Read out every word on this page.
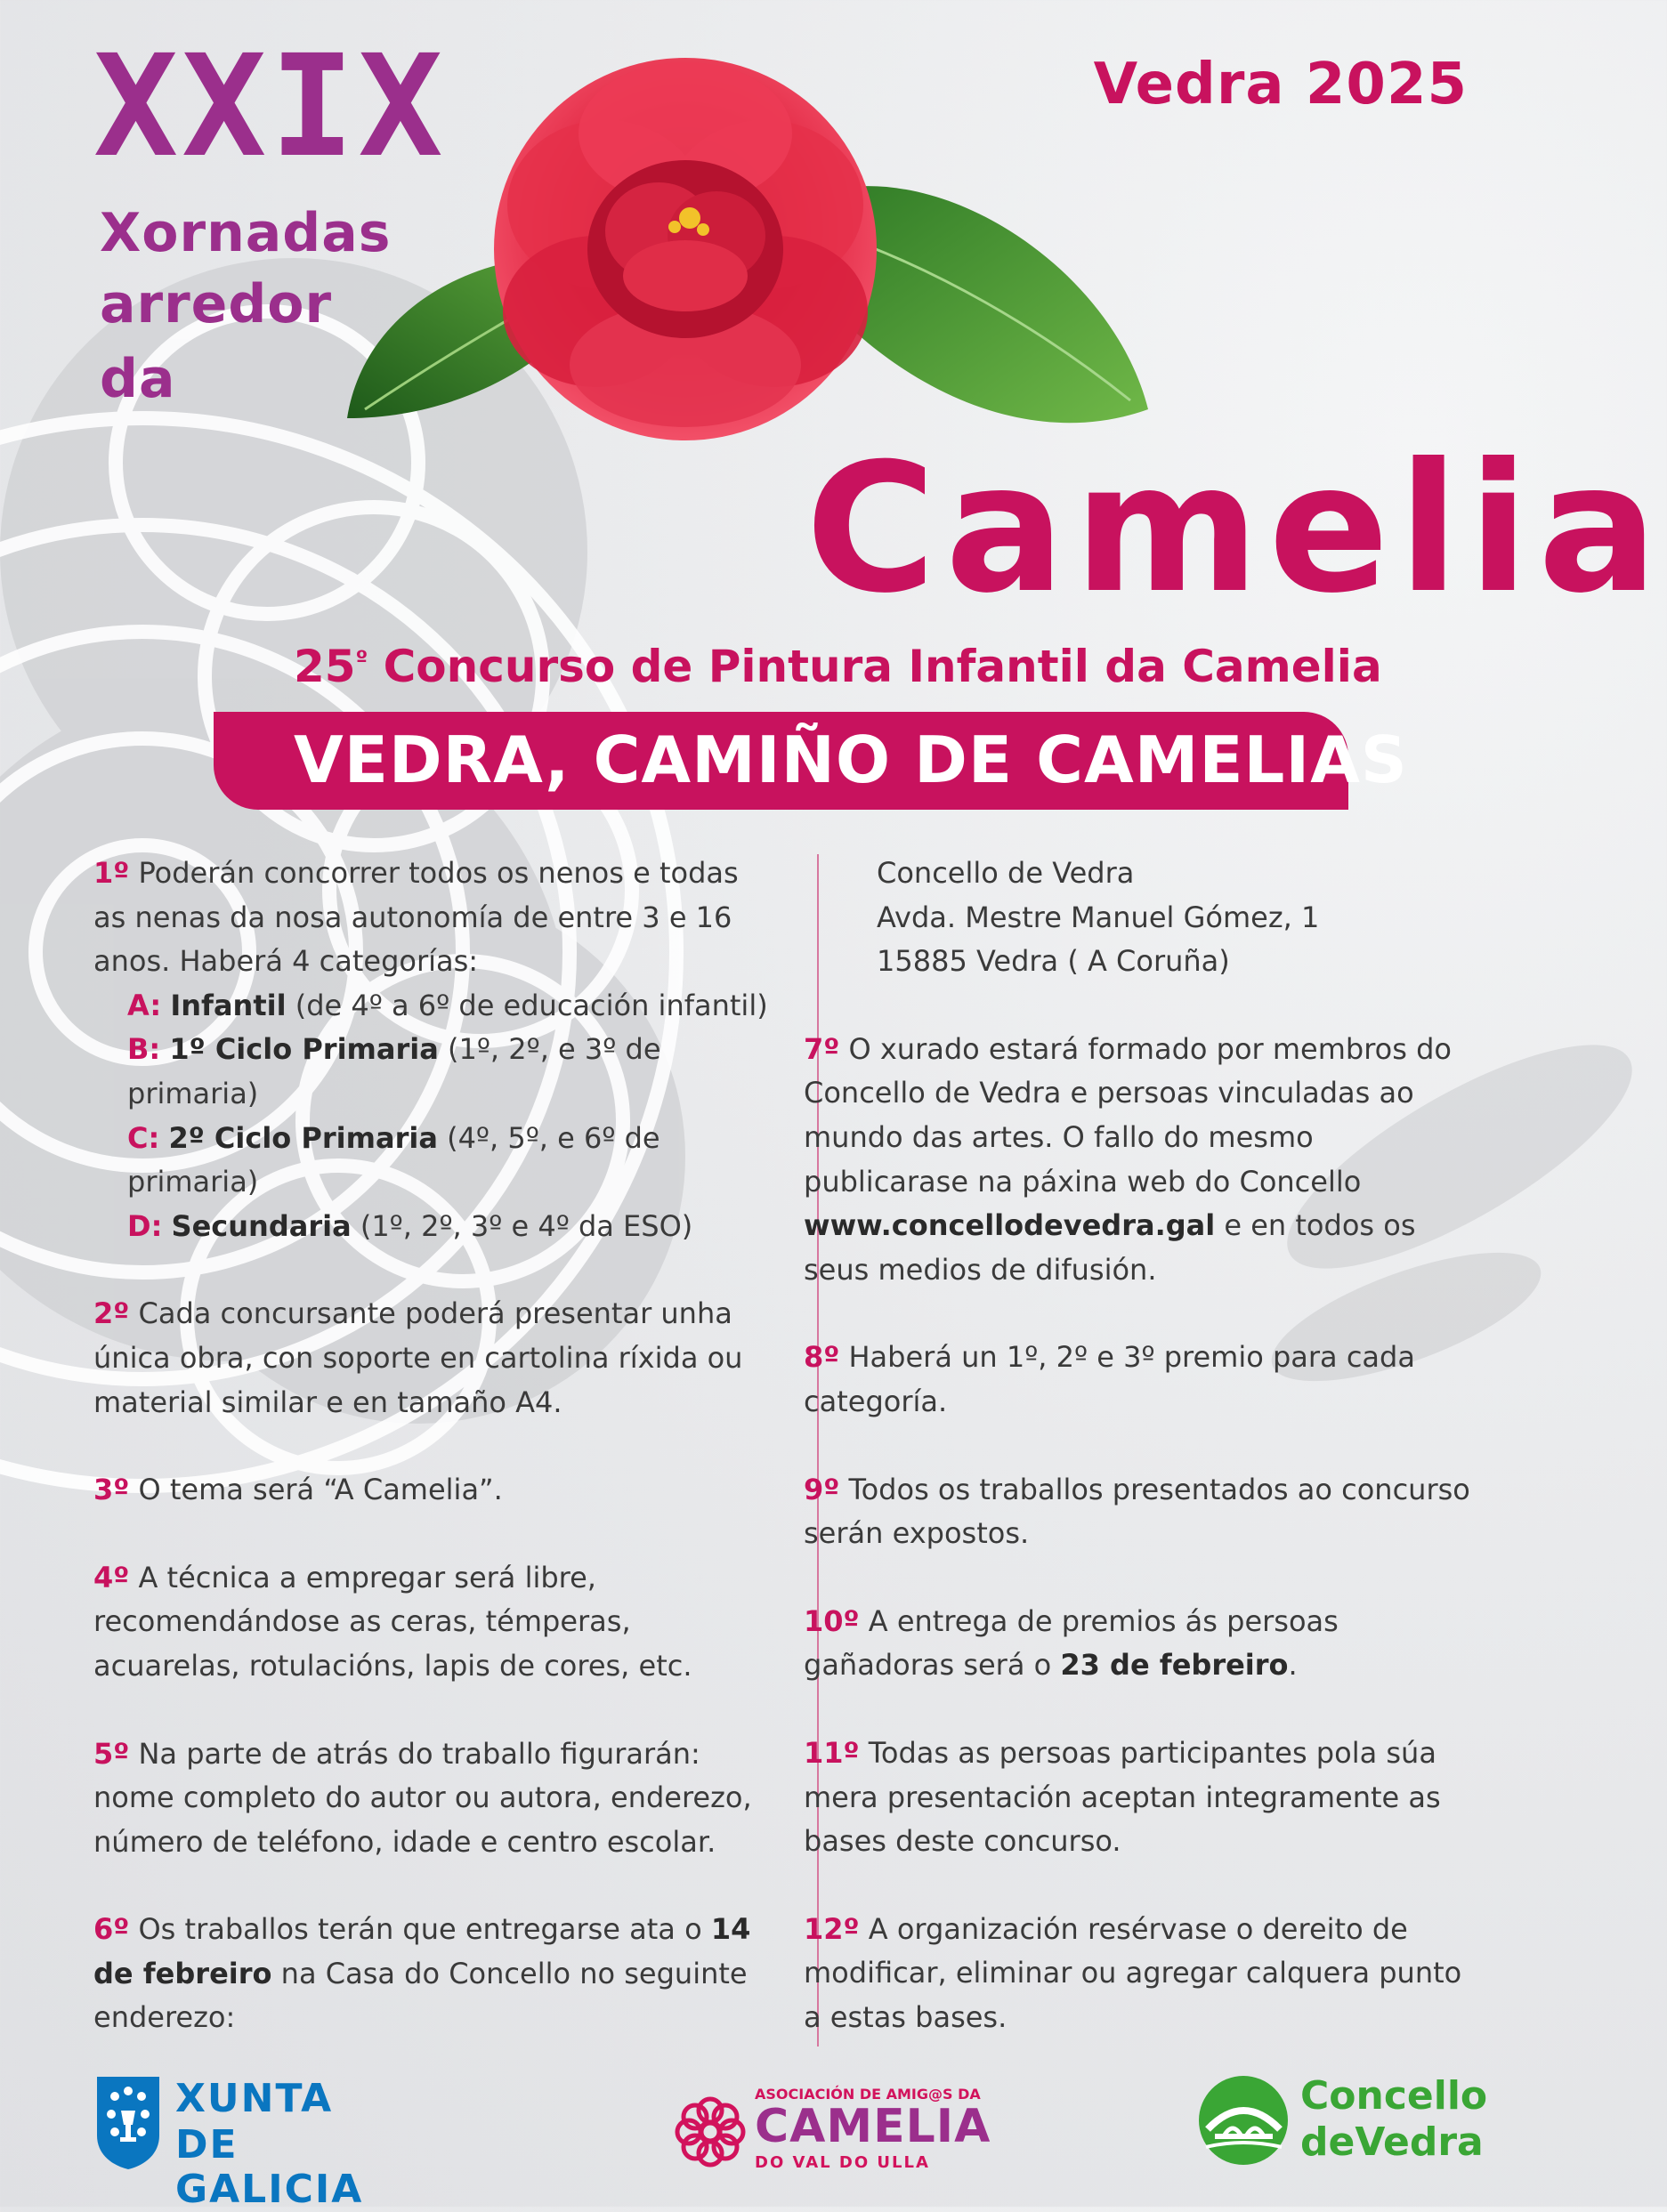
XXIX
Xornadas
arredor
da
Vedra 2025
Camelia
$25^º$ Concurso de Pintura Infantil da Camelia
VEDRA, CAMIÑO DE CAMELIAS

1º Poderán concorrer todos os nenos e todas as nenas da nosa autonomía de entre 3 e 16 anos. Haberá 4 categorías:

A: Infantil (de 4º a 6º de educación infantil)

B: 1º Ciclo Primaria (1º, 2º, e 3º de primaria)

C: 2º Ciclo Primaria (4º, 5º, e 6º de primaria)

D: Secundaria (1º, 2º, 3º e 4º da ESO)

2º Cada concursante poderá presentar unha única obra, con soporte en cartolina ríxida ou material similar e en tamaño A4.

3º O tema será “A Camelia”.

4º A técnica a empregar será libre, recomendándose as ceras, témperas, acuarelas, rotulacións, lapis de cores, etc.

5º Na parte de atrás do traballo figurarán: nome completo do autor ou autora, enderezo, número de teléfono, idade e centro escolar.

6º Os traballos terán que entregarse ata o 14 de febreiro na Casa do Concello no seguinte enderezo:

Concello de Vedra

Avda. Mestre Manuel Gómez, 1

15885 Vedra ( A Coruña)

7º O xurado estará formado por membros do Concello de Vedra e persoas vinculadas ao mundo das artes. O fallo do mesmo publicarase na páxina web do Concello www.concellodevedra.gal e en todos os seus medios de difusión.

8º Haberá un 1º, 2º e 3º premio para cada categoría.

9º Todos os traballos presentados ao concurso serán expostos.

10º A entrega de premios ás persoas gañadoras será o 23 de febreiro.

11º Todas as persoas participantes pola súa mera presentación aceptan integramente as bases deste concurso.

12º A organización resérvase o dereito de modificar, eliminar ou agregar calquera punto a estas bases.

XUNTA
DE GALICIA
ASOCIACIÓN DE AMIG@S DA
CAMELIA
DO VAL DO ULLA
Concello
deVedra
